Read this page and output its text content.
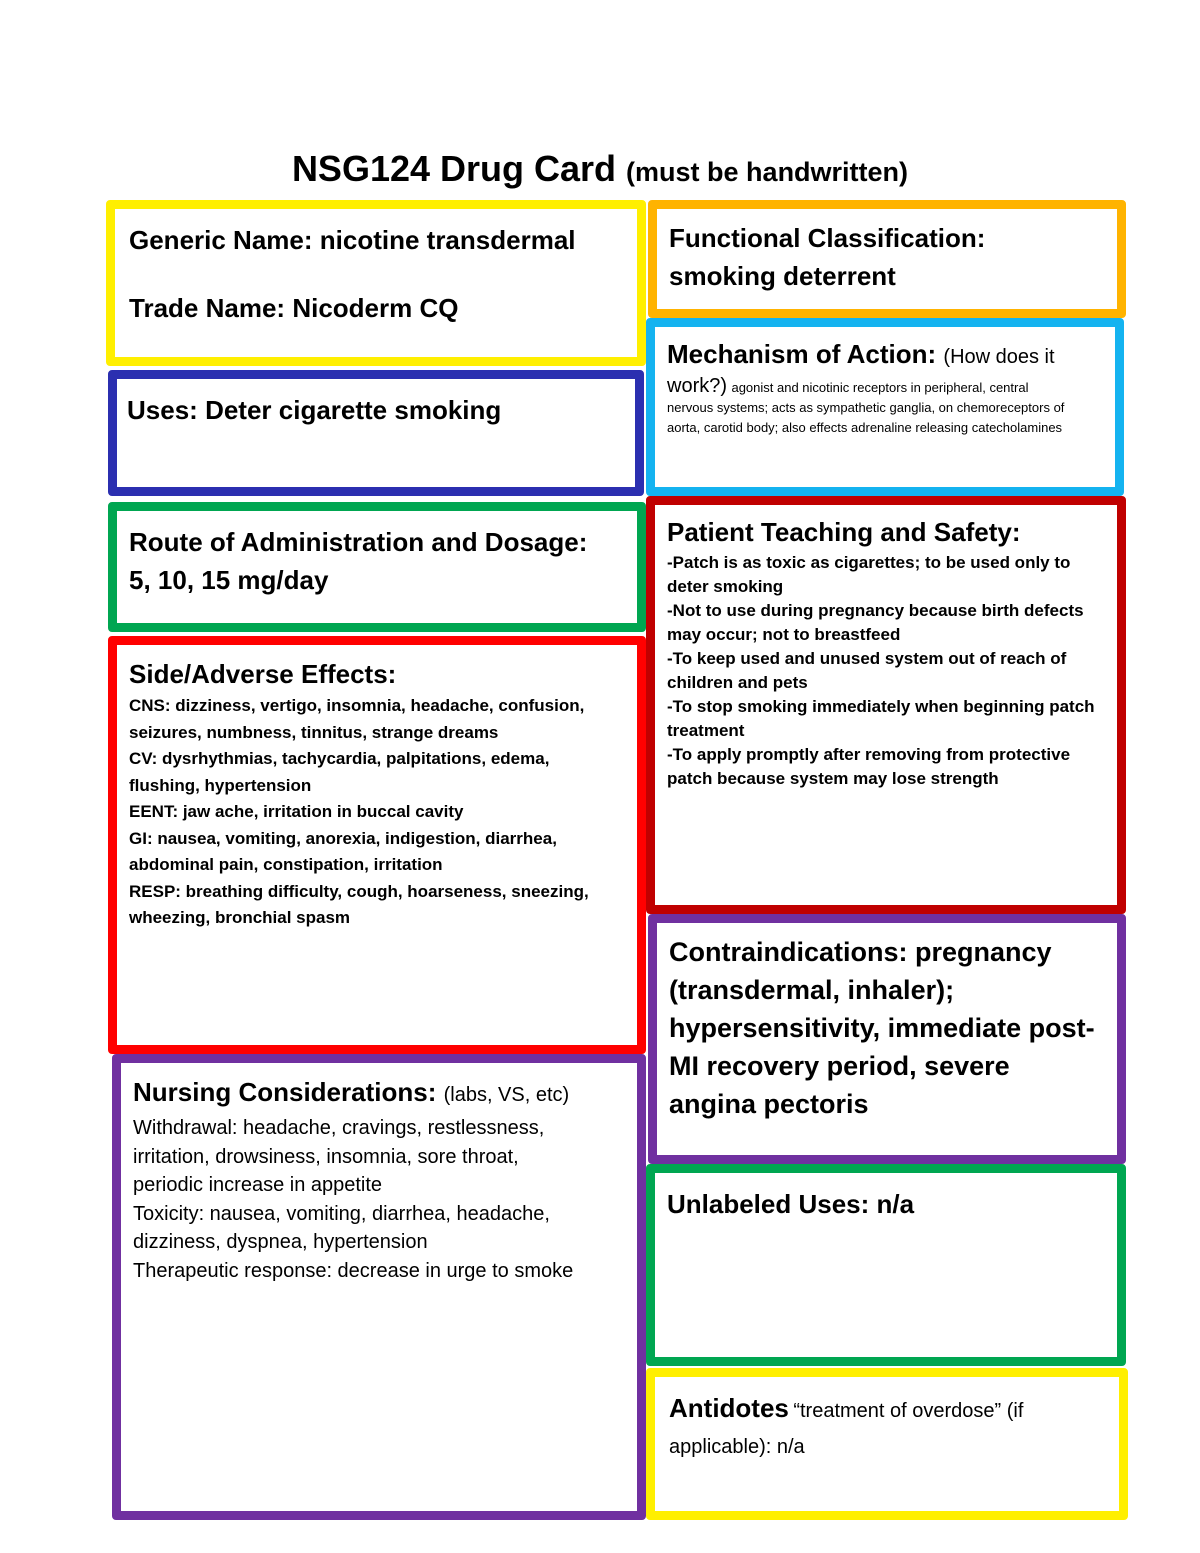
NSG124 Drug Card (must be handwritten)
Generic Name: nicotine transdermal
Trade Name: Nicoderm CQ
Uses: Deter cigarette smoking
Route of Administration and Dosage:
5, 10, 15 mg/day
Side/Adverse Effects:
CNS: dizziness, vertigo, insomnia, headache, confusion,
seizures, numbness, tinnitus, strange dreams
CV: dysrhythmias, tachycardia, palpitations, edema,
flushing, hypertension
EENT: jaw ache, irritation in buccal cavity
GI: nausea, vomiting, anorexia, indigestion, diarrhea,
abdominal pain, constipation, irritation
RESP: breathing difficulty, cough, hoarseness, sneezing,
wheezing, bronchial spasm
Nursing Considerations: (labs, VS, etc)
Withdrawal: headache, cravings, restlessness,
irritation, drowsiness, insomnia, sore throat,
periodic increase in appetite
Toxicity: nausea, vomiting, diarrhea, headache,
dizziness, dyspnea, hypertension
Therapeutic response: decrease in urge to smoke
Functional Classification:
smoking deterrent
Mechanism of Action: (How does it
work?) agonist and nicotinic receptors in peripheral, central
nervous systems; acts as sympathetic ganglia, on chemoreceptors of
aorta, carotid body; also effects adrenaline releasing catecholamines
Patient Teaching and Safety:
-Patch is as toxic as cigarettes; to be used only to
deter smoking
-Not to use during pregnancy because birth defects
may occur; not to breastfeed
-To keep used and unused system out of reach of
children and pets
-To stop smoking immediately when beginning patch
treatment
-To apply promptly after removing from protective
patch because system may lose strength
Contraindications: pregnancy
(transdermal, inhaler);
hypersensitivity, immediate post-
MI recovery period, severe
angina pectoris
Unlabeled Uses: n/a
Antidotes “treatment of overdose” (if
applicable): n/a
